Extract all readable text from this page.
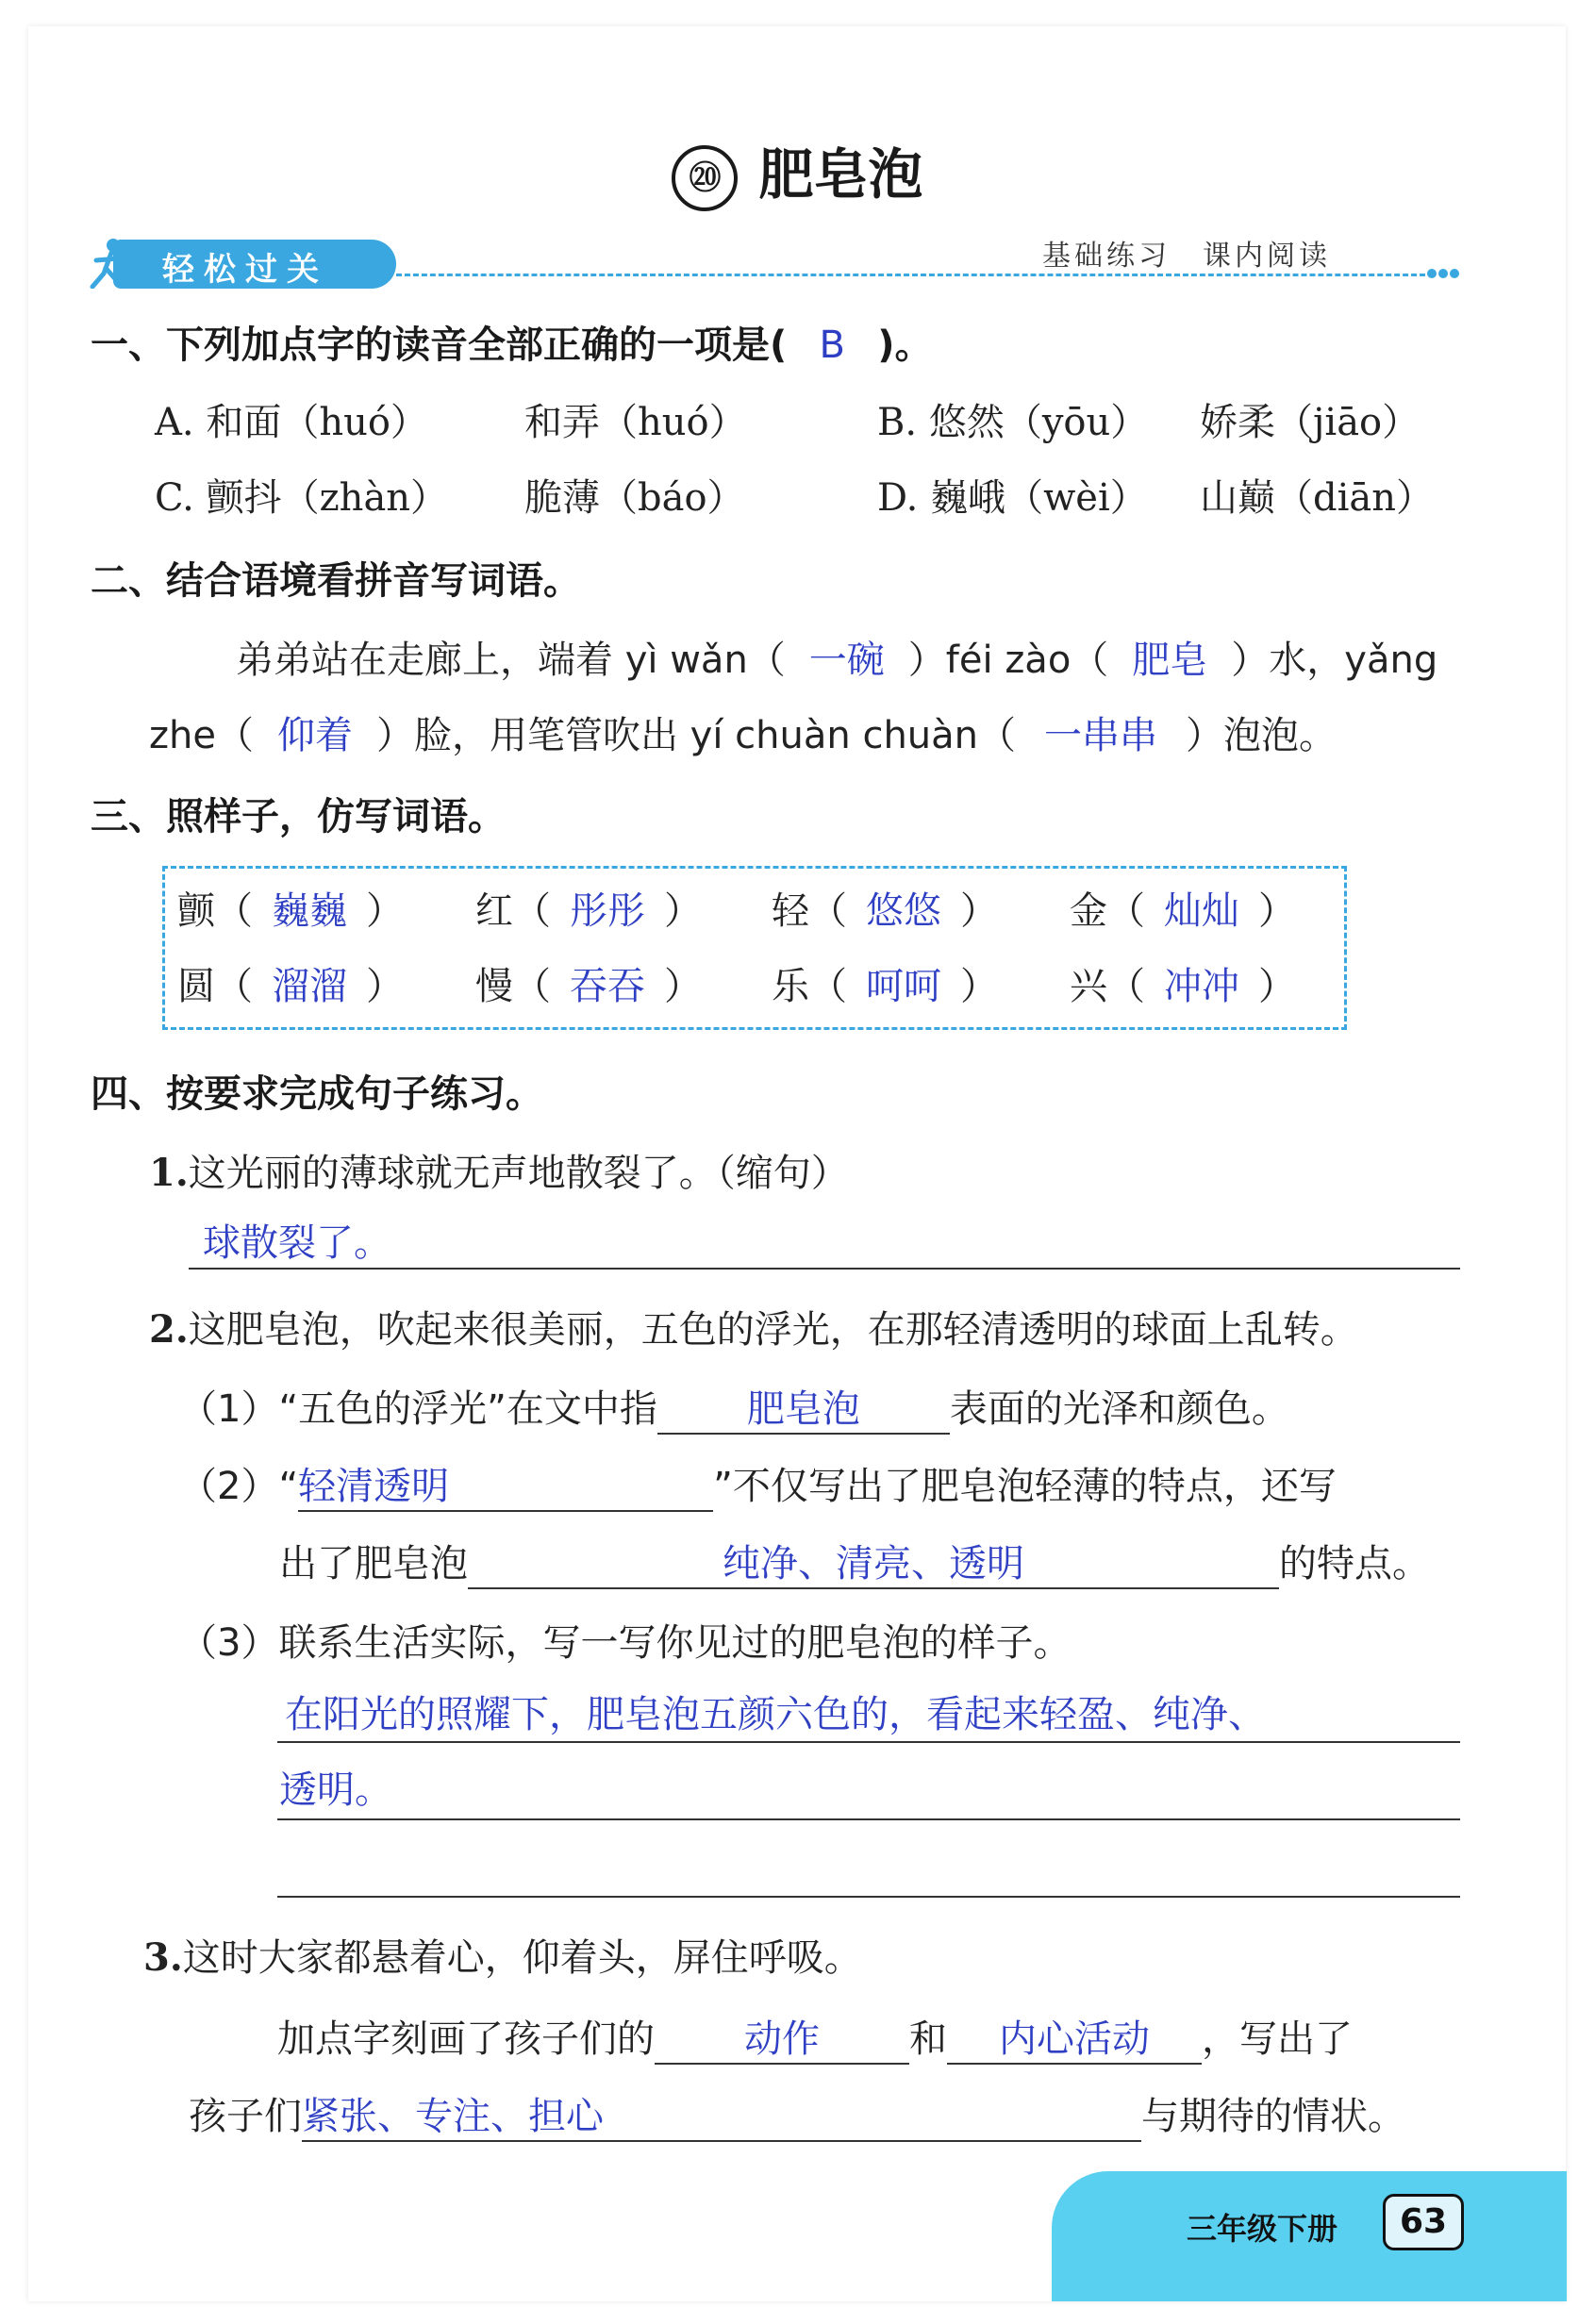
⑳ 肥皂泡
轻松过关	基础练习　课内阅读
一、下列加点字的读音全部正确的一项是( B )。
A. 和面（huó）	和弄（huó）	B. 悠然（yōu） 娇柔（jiāo）
C. 颤抖（zhàn） 脆薄（báo）	D. 巍峨（wèi） 山巅（diān）
二、结合语境看拼音写词语。
弟弟站在走廊上，端着 yì wǎn（ 一碗 ）féi zào（ 肥皂 ）水，yǎng
zhe（ 仰着 ）脸，用笔管吹出 yí chuàn chuàn（ 一串串 ）泡泡。
三、照样子，仿写词语。
四、按要求完成句子练习。
1.这光丽的薄球就无声地散裂了。（缩句）
球散裂了。
2.这肥皂泡，吹起来很美丽，五色的浮光，在那轻清透明的球面上乱转。
（1）“五色的浮光”在文中指 肥皂泡 表面的光泽和颜色。
（2）“轻清透明	”不仅写出了肥皂泡轻薄的特点，还写
出了肥皂泡	纯净、清亮、透明	的特点。
（3）联系生活实际，写一写你见过的肥皂泡的样子。
在阳光的照耀下，肥皂泡五颜六色的，看起来轻盈、纯净、
透明。
3.这时大家都悬着心，仰着头，屏住呼吸。
加点字刻画了孩子们的 动作 和 内心活动 ，写出了
孩子们紧张、专注、担心	与期待的情状。
三年级下册	63
颤（ 巍巍 ） 红（ 彤彤 ） 轻（ 悠悠 ） 金（ 灿灿 ）
圆（ 溜溜 ） 慢（ 吞吞 ） 乐（ 呵呵 ） 兴（ 冲冲 ）
